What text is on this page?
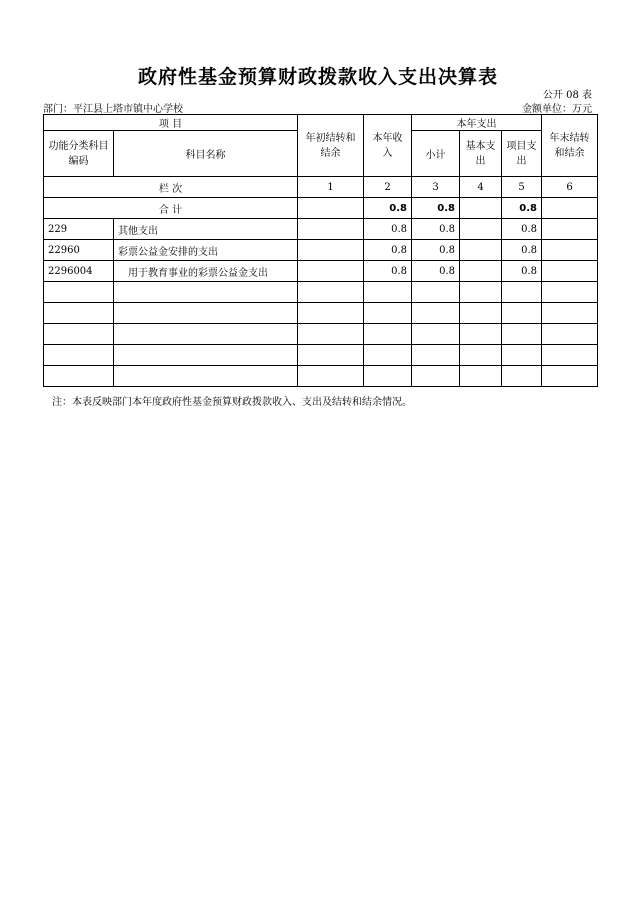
政府性基金预算财政拨款收入支出决算表
公开 08 表
部门：平江县上塔市镇中心学校	金额单位：万元
项 目		年初结转和结余	本年收入	本年支出			年末结转和结余
功能分类科目编码	科目名称			小计	基本支出	项目支出	
栏 次		1	2	3	4	5	6
合 计			0.8	0.8		0.8	
229	其他支出		0.8	0.8		0.8	
22960	彩票公益金安排的支出		0.8	0.8		0.8	
2296004	用于教育事业的彩票公益金支出		0.8	0.8		0.8	

注：本表反映部门本年度政府性基金预算财政拨款收入、支出及结转和结余情况。
